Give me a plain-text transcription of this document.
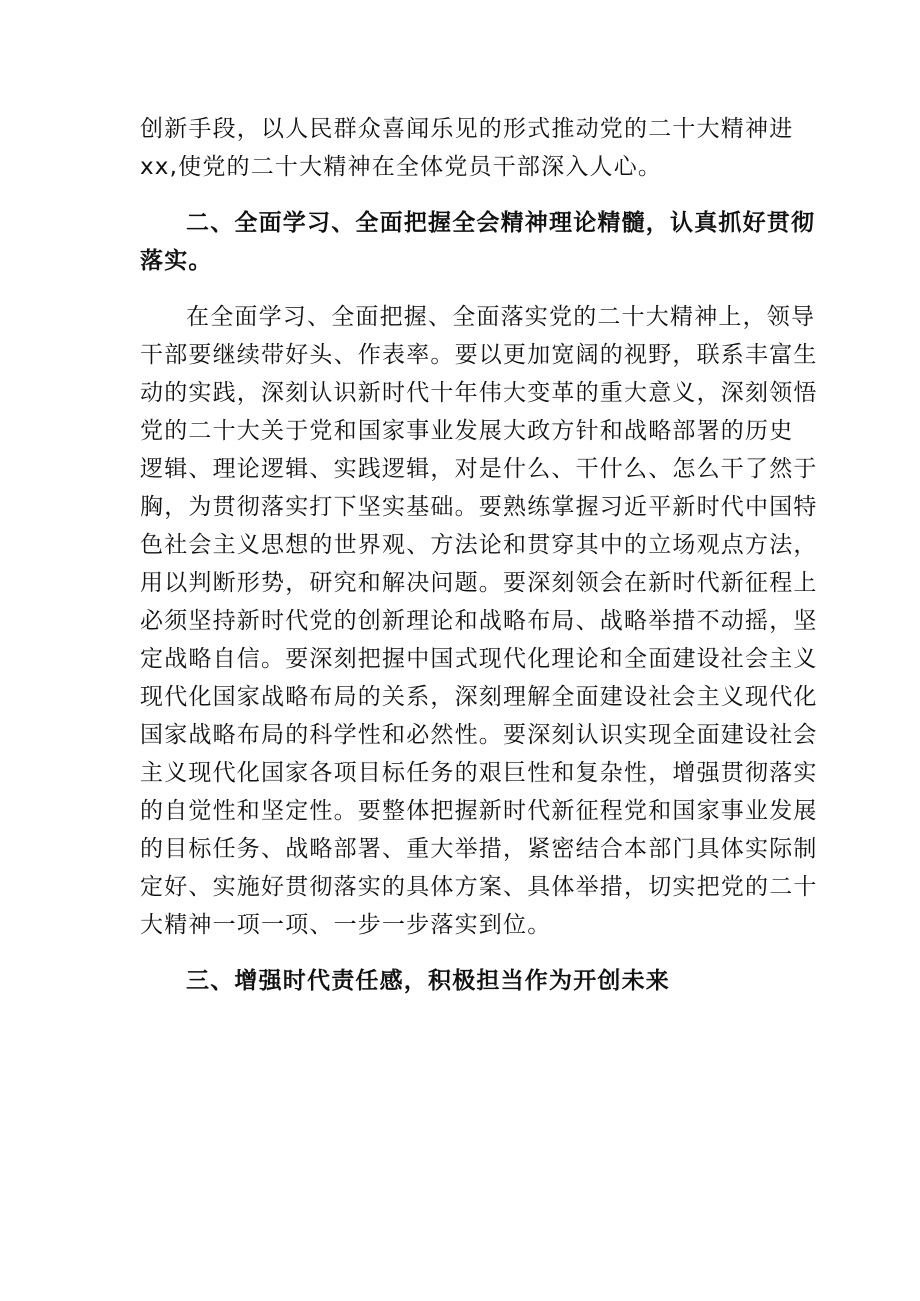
创新手段，以人民群众喜闻乐见的形式推动党的二十大精神进

xx,使党的二十大精神在全体党员干部深入人心。

二、全面学习、全面把握全会精神理论精髓，认真抓好贯彻

落实。

在全面学习、全面把握、全面落实党的二十大精神上，领导

干部要继续带好头、作表率。要以更加宽阔的视野，联系丰富生

动的实践，深刻认识新时代十年伟大变革的重大意义，深刻领悟

党的二十大关于党和国家事业发展大政方针和战略部署的历史

逻辑、理论逻辑、实践逻辑，对是什么、干什么、怎么干了然于

胸，为贯彻落实打下坚实基础。要熟练掌握习近平新时代中国特

色社会主义思想的世界观、方法论和贯穿其中的立场观点方法，

用以判断形势，研究和解决问题。要深刻领会在新时代新征程上

必须坚持新时代党的创新理论和战略布局、战略举措不动摇，坚

定战略自信。要深刻把握中国式现代化理论和全面建设社会主义

现代化国家战略布局的关系，深刻理解全面建设社会主义现代化

国家战略布局的科学性和必然性。要深刻认识实现全面建设社会

主义现代化国家各项目标任务的艰巨性和复杂性，增强贯彻落实

的自觉性和坚定性。要整体把握新时代新征程党和国家事业发展

的目标任务、战略部署、重大举措，紧密结合本部门具体实际制

定好、实施好贯彻落实的具体方案、具体举措，切实把党的二十

大精神一项一项、一步一步落实到位。

三、增强时代责任感，积极担当作为开创未来
